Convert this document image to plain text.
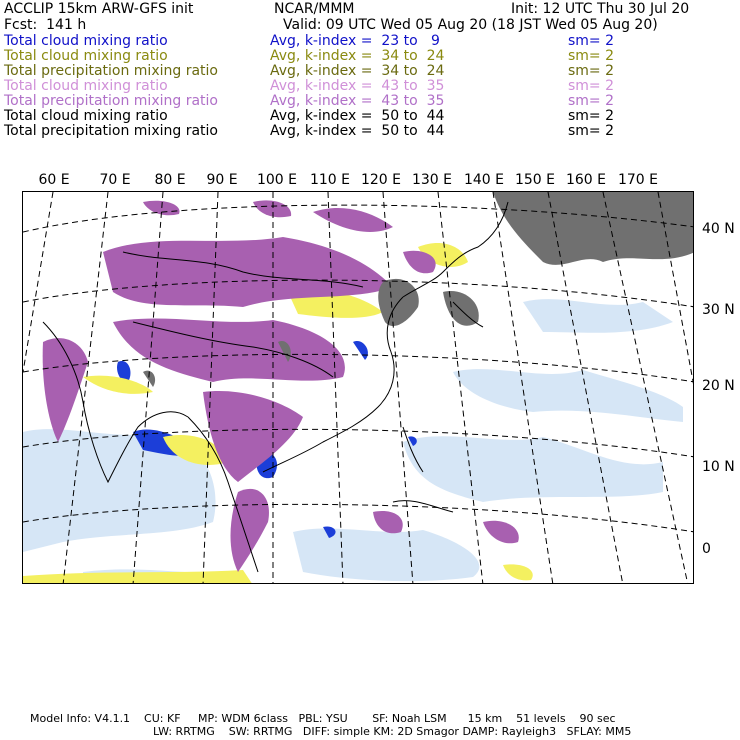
ACCLIP 15km ARW-GFS init	NCAR/MMM	Init: 12 UTC Thu 30 Jul 20
Fcst:  141 h	Valid: 09 UTC Wed 05 Aug 20 (18 JST Wed 05 Aug 20)
Total cloud mixing ratio	Avg, k-index =  23 to   9	sm= 2
Total cloud mixing ratio	Avg, k-index =  34 to  24	sm= 2
Total precipitation mixing ratio	Avg, k-index =  34 to  24	sm= 2
Total cloud mixing ratio	Avg, k-index =  43 to  35	sm= 2
Total precipitation mixing ratio	Avg, k-index =  43 to  35	sm= 2
Total cloud mixing ratio	Avg, k-index =  50 to  44	sm= 2
Total precipitation mixing ratio	Avg, k-index =  50 to  44	sm= 2
60 E 70 E 80 E 90 E 100 E 110 E 120 E 130 E 140 E 150 E 160 E 170 E
40 N
30 N
20 N
10 N
0
Model Info: V4.1.1    CU: KF     MP: WDM 6class   PBL: YSU       SF: Noah LSM      15 km    51 levels    90 sec
LW: RRTMG    SW: RRTMG   DIFF: simple KM: 2D Smagor DAMP: Rayleigh3   SFLAY: MM5
